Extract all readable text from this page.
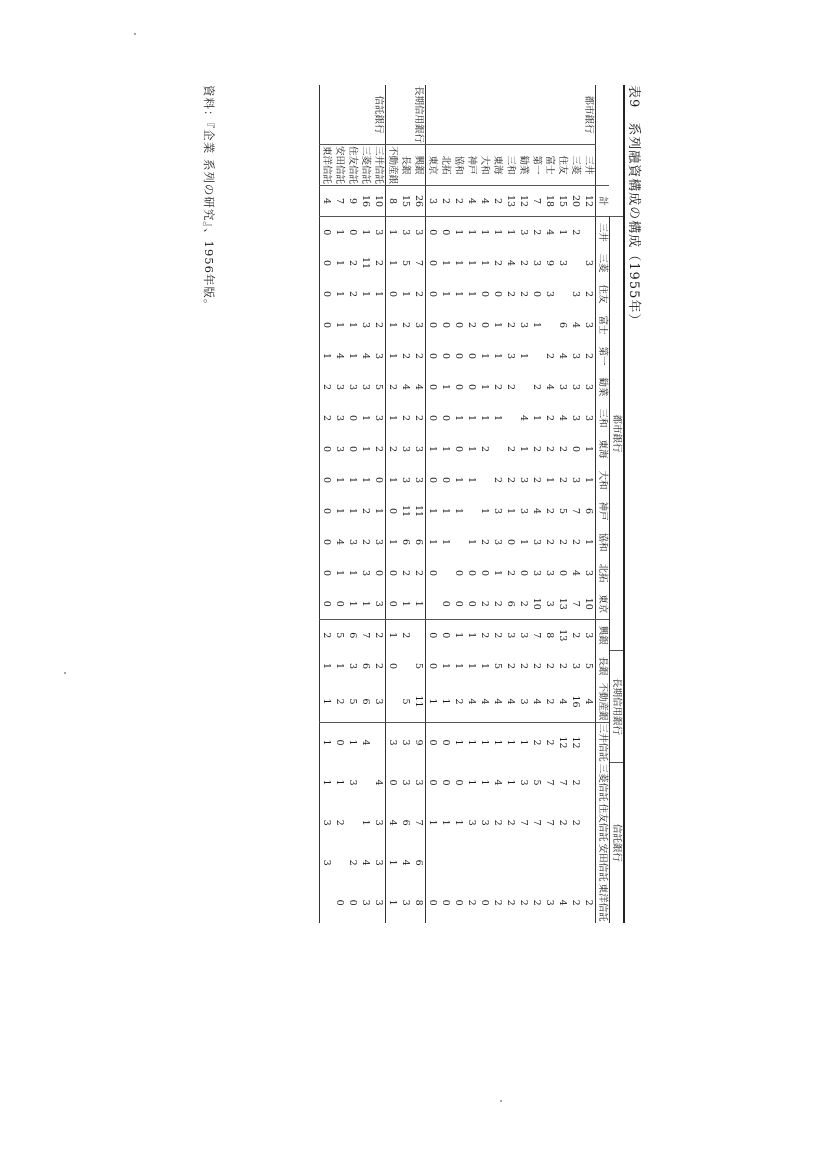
表9　系列融資構成の構成（1955年）
			都市銀行														長期信用銀行			信託銀行			
		計	三井	三菱	住友	富士	第一	勧業	三和	東海	大和	神戸	協和	北拓	東京	興銀	長銀	不動産銀	三井信託	三菱信託	住友信託	安田信託	東洋信託
都市銀行	三井	12		3	2	3	2	3	3	1	1	6	1	3	10	3	5	4					2
	三菱	20	2		3	4	3	3	3	0	3	7	2	4	7	2	3	16	12	2	2		2
	住友	15	1	3		6	4	3	4	2	2	5	2	0	13	13	2	4	12	7	2		4
	富士	18	4	9	3		2	4	2	2	1	2	2	3	3	8	2	2	2	7	7		3
	第一	7	2	3	0	1		2	1	2	2	4	3	3	10	7	2	4	2	5	7		2
	勧業	12	3	2	2	3	1		4	1	3	3	1	0	2	3	2	3	1	3	7		2
	三和	13	1	4	2	2	3	2		2	2	1	0	2	6	3	2	4	1	1	2		2
	東海	2	1	2	0	1	1	2	1		2	3	3	1	2	2	5	4	1	4	2		2
	大和	4	1	1	0	0	1	1	1	2		1	2	0	2	2	1	4	1	1	3		0
	神戸	4	1	1	1	2	0	0	1	1	1		1	0	0	1	1	4	1	1	3		2
	協和	2	1	1	1	0	0	0	1	0	1	1		0	0	1	1	2	1	0	1		0
	北拓	2	0	1	1	0	0	1	0	1	0	1	1		0	0	1	1	0	0	1		0
	東京	3	0	0	0	0	0	0	0	1	0	1	1	0		0	0	1	0	0	1		0
長期信用銀行	興銀	26	3	7	2	3	2	4	2	3	3	11	6	2	1		5	11	9	3	7	6	8
	長銀	15	3	5	1	2	2	4	2	3	3	11	6	2	1	2		5	3	3	6	4	3
	不動産銀	8	1	1	0	1	1	2	1	2	1	0	1	0	0	1	0		3	0	4	1	1
信託銀行	三井信託	10	3	2	1	2	3	5	3	2	0	1	3	0	3	2	2	3		4	3	3	3
	三菱信託	16	1	11	1	3	4	3	1	1	1	2	2	3	1	7	6	6	4		1	4	3
	住友信託	9	0	2	2	1	1	3	0	0	1	1	3	1	1	6	3	5	1	3		2	0
	安田信託	7	1	1	1	1	4	3	3	3	1	1	4	1	0	5	1	2	0	1	2		0
	東洋信託	4	0	0	0	0	1	2	2	0	0	0	0	0	0	2	1	1	1	1	3	3	
資料：『企業 系列の研究』、1956年版。
